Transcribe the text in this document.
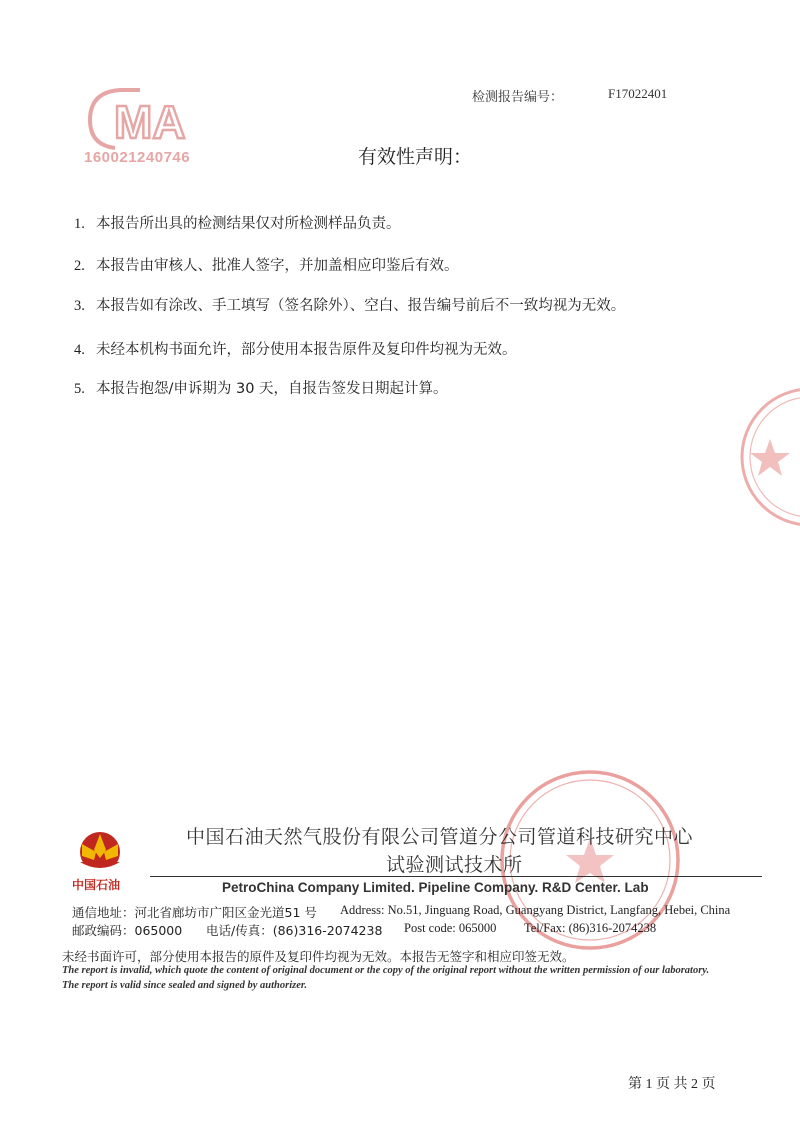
MA
160021240746
检测报告编号：	F17022401
有效性声明：
1. 本报告所出具的检测结果仅对所检测样品负责。
2. 本报告由审核人、批准人签字，并加盖相应印鉴后有效。
3. 本报告如有涂改、手工填写（签名除外）、空白、报告编号前后不一致均视为无效。
4. 未经本机构书面允许，部分使用本报告原件及复印件均视为无效。
5. 本报告抱怨/申诉期为 30 天，自报告签发日期起计算。
中国石油
中国石油天然气股份有限公司管道分公司管道科技研究中心
试验测试技术所
PetroChina Company Limited. Pipeline Company. R&D Center. Lab
通信地址：河北省廊坊市广阳区金光道51 号 Address: No.51, Jinguang Road, Guangyang District, Langfang, Hebei, China
邮政编码：065000 电话/传真：(86)316-2074238 Post code: 065000 Tel/Fax: (86)316-2074238
未经书面许可，部分使用本报告的原件及复印件均视为无效。本报告无签字和相应印签无效。
The report is invalid, which quote the content of original document or the copy of the original report without the written permission of our laboratory.
The report is valid since sealed and signed by authorizer.
第 1 页 共 2 页
